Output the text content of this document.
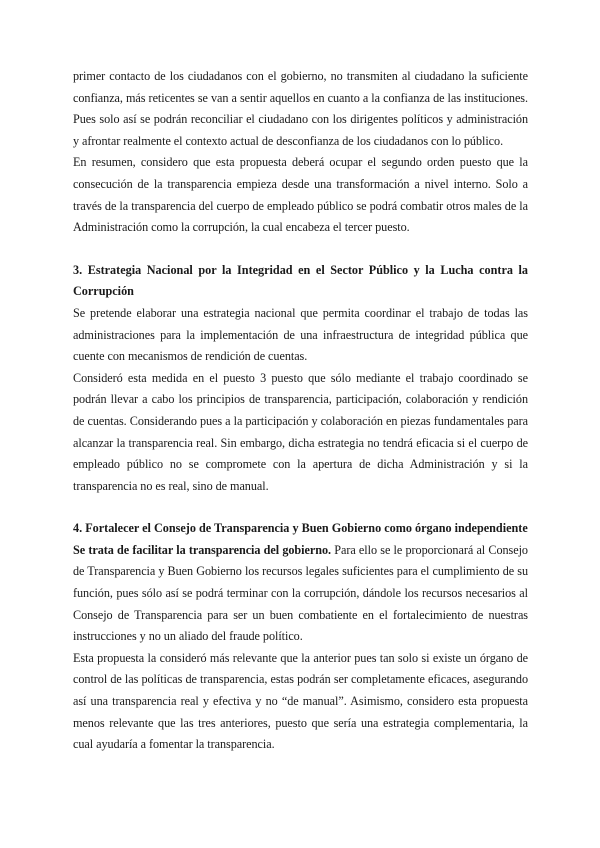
primer contacto de los ciudadanos con el gobierno, no transmiten al ciudadano la suficiente confianza, más reticentes se van a sentir aquellos en cuanto a la confianza de las instituciones. Pues solo así se podrán reconciliar el ciudadano con los dirigentes políticos y administración y afrontar realmente el contexto actual de desconfianza de los ciudadanos con lo público.

En resumen, considero que esta propuesta deberá ocupar el segundo orden puesto que la consecución de la transparencia empieza desde una transformación a nivel interno. Solo a través de la transparencia del cuerpo de empleado público se podrá combatir otros males de la Administración como la corrupción, la cual encabeza el tercer puesto.

3. Estrategia Nacional por la Integridad en el Sector Público y la Lucha contra la Corrupción

Se pretende elaborar una estrategia nacional que permita coordinar el trabajo de todas las administraciones para la implementación de una infraestructura de integridad pública que cuente con mecanismos de rendición de cuentas.

Consideró esta medida en el puesto 3 puesto que sólo mediante el trabajo coordinado se podrán llevar a cabo los principios de transparencia, participación, colaboración y rendición de cuentas. Considerando pues a la participación y colaboración en piezas fundamentales para alcanzar la transparencia real. Sin embargo, dicha estrategia no tendrá eficacia si el cuerpo de empleado público no se compromete con la apertura de dicha Administración y si la transparencia no es real, sino de manual.

4. Fortalecer el Consejo de Transparencia y Buen Gobierno como órgano independiente

Se trata de facilitar la transparencia del gobierno. Para ello se le proporcionará al Consejo de Transparencia y Buen Gobierno los recursos legales suficientes para el cumplimiento de su función, pues sólo así se podrá terminar con la corrupción, dándole los recursos necesarios al Consejo de Transparencia para ser un buen combatiente en el fortalecimiento de nuestras instrucciones y no un aliado del fraude político.

Esta propuesta la consideró más relevante que la anterior pues tan solo si existe un órgano de control de las políticas de transparencia, estas podrán ser completamente eficaces, asegurando así una transparencia real y efectiva y no “de manual”. Asimismo, considero esta propuesta menos relevante que las tres anteriores, puesto que sería una estrategia complementaria, la cual ayudaría a fomentar la transparencia.
